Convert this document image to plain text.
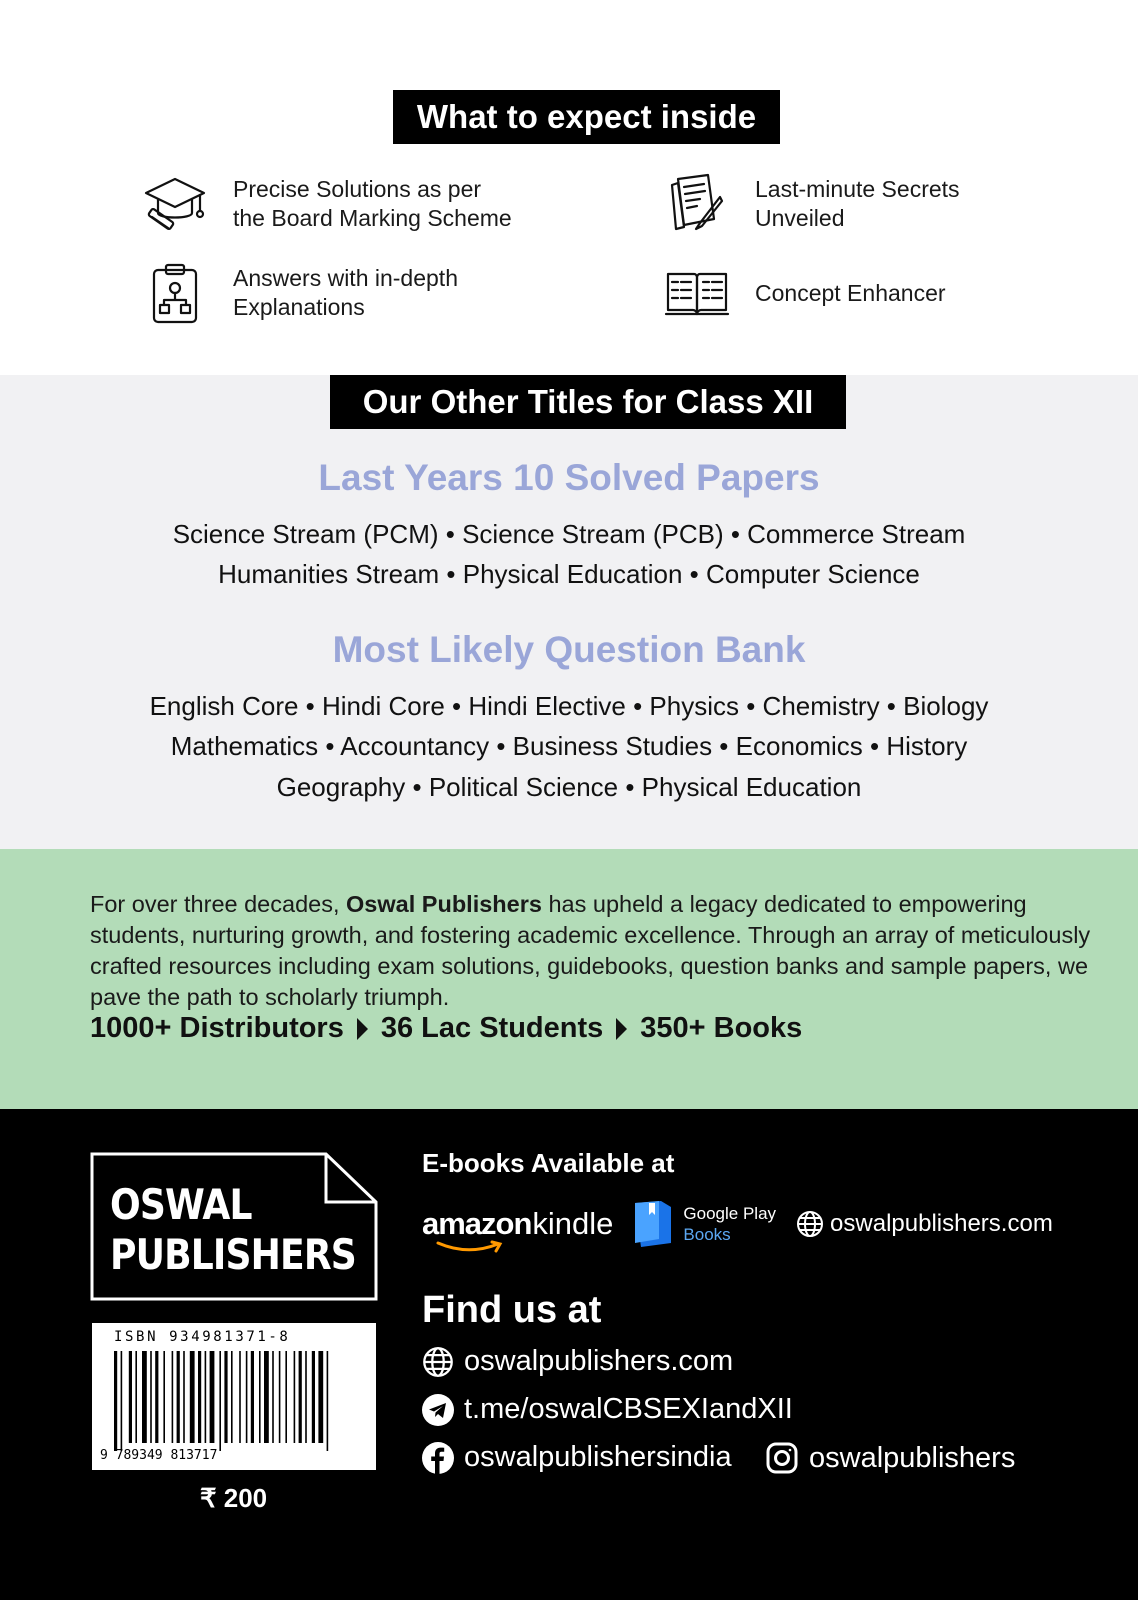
What to expect inside
Precise Solutions as per
the Board Marking Scheme
Last-minute Secrets
Unveiled
Answers with in-depth
Explanations
Concept Enhancer
Our Other Titles for Class XII
Last Years 10 Solved Papers
Science Stream (PCM) • Science Stream (PCB) • Commerce Stream
Humanities Stream • Physical Education • Computer Science
Most Likely Question Bank
English Core • Hindi Core • Hindi Elective • Physics • Chemistry • Biology
Mathematics • Accountancy • Business Studies • Economics • History
Geography • Political Science • Physical Education
For over three decades, Oswal Publishers has upheld a legacy dedicated to empowering students, nurturing growth, and fostering academic excellence. Through an array of meticulously crafted resources including exam solutions, guidebooks, question banks and sample papers, we pave the path to scholarly triumph.
1000+ Distributors 36 Lac Students 350+ Books
OSWAL
PUBLISHERS
ISBN 934981371-8
9 789349 813717
₹ 200
E-books Available at
amazonkindle	Google Play
Books	oswalpublishers.com
Find us at
oswalpublishers.com
t.me/oswalCBSEXIandXII
oswalpublishersindia	oswalpublishers
